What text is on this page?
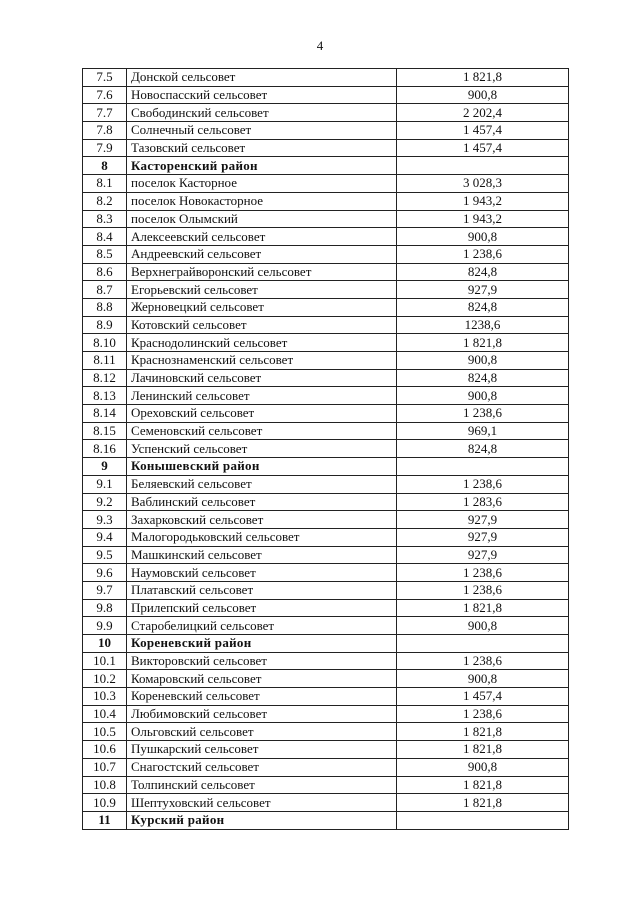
4
7.5	Донской сельсовет	1 821,8
7.6	Новоспасский сельсовет	900,8
7.7	Свободинский сельсовет	2 202,4
7.8	Солнечный сельсовет	1 457,4
7.9	Тазовский сельсовет	1 457,4
8	Касторенский район	
8.1	поселок Касторное	3 028,3
8.2	поселок Новокасторное	1 943,2
8.3	поселок Олымский	1 943,2
8.4	Алексеевский сельсовет	900,8
8.5	Андреевский сельсовет	1 238,6
8.6	Верхнеграйворонский сельсовет	824,8
8.7	Егорьевский сельсовет	927,9
8.8	Жерновецкий сельсовет	824,8
8.9	Котовский сельсовет	1238,6
8.10	Краснодолинский сельсовет	1 821,8
8.11	Краснознаменский сельсовет	900,8
8.12	Лачиновский сельсовет	824,8
8.13	Ленинский сельсовет	900,8
8.14	Ореховский сельсовет	1 238,6
8.15	Семеновский сельсовет	969,1
8.16	Успенский сельсовет	824,8
9	Конышевский район	
9.1	Беляевский сельсовет	1 238,6
9.2	Ваблинский сельсовет	1 283,6
9.3	Захарковский сельсовет	927,9
9.4	Малогородьковский сельсовет	927,9
9.5	Машкинский сельсовет	927,9
9.6	Наумовский сельсовет	1 238,6
9.7	Платавский сельсовет	1 238,6
9.8	Прилепский сельсовет	1 821,8
9.9	Старобелицкий сельсовет	900,8
10	Кореневский район	
10.1	Викторовский сельсовет	1 238,6
10.2	Комаровский сельсовет	900,8
10.3	Кореневский сельсовет	1 457,4
10.4	Любимовский сельсовет	1 238,6
10.5	Ольговский сельсовет	1 821,8
10.6	Пушкарский сельсовет	1 821,8
10.7	Снагостский сельсовет	900,8
10.8	Толпинский сельсовет	1 821,8
10.9	Шептуховский сельсовет	1 821,8
11	Курский район	
